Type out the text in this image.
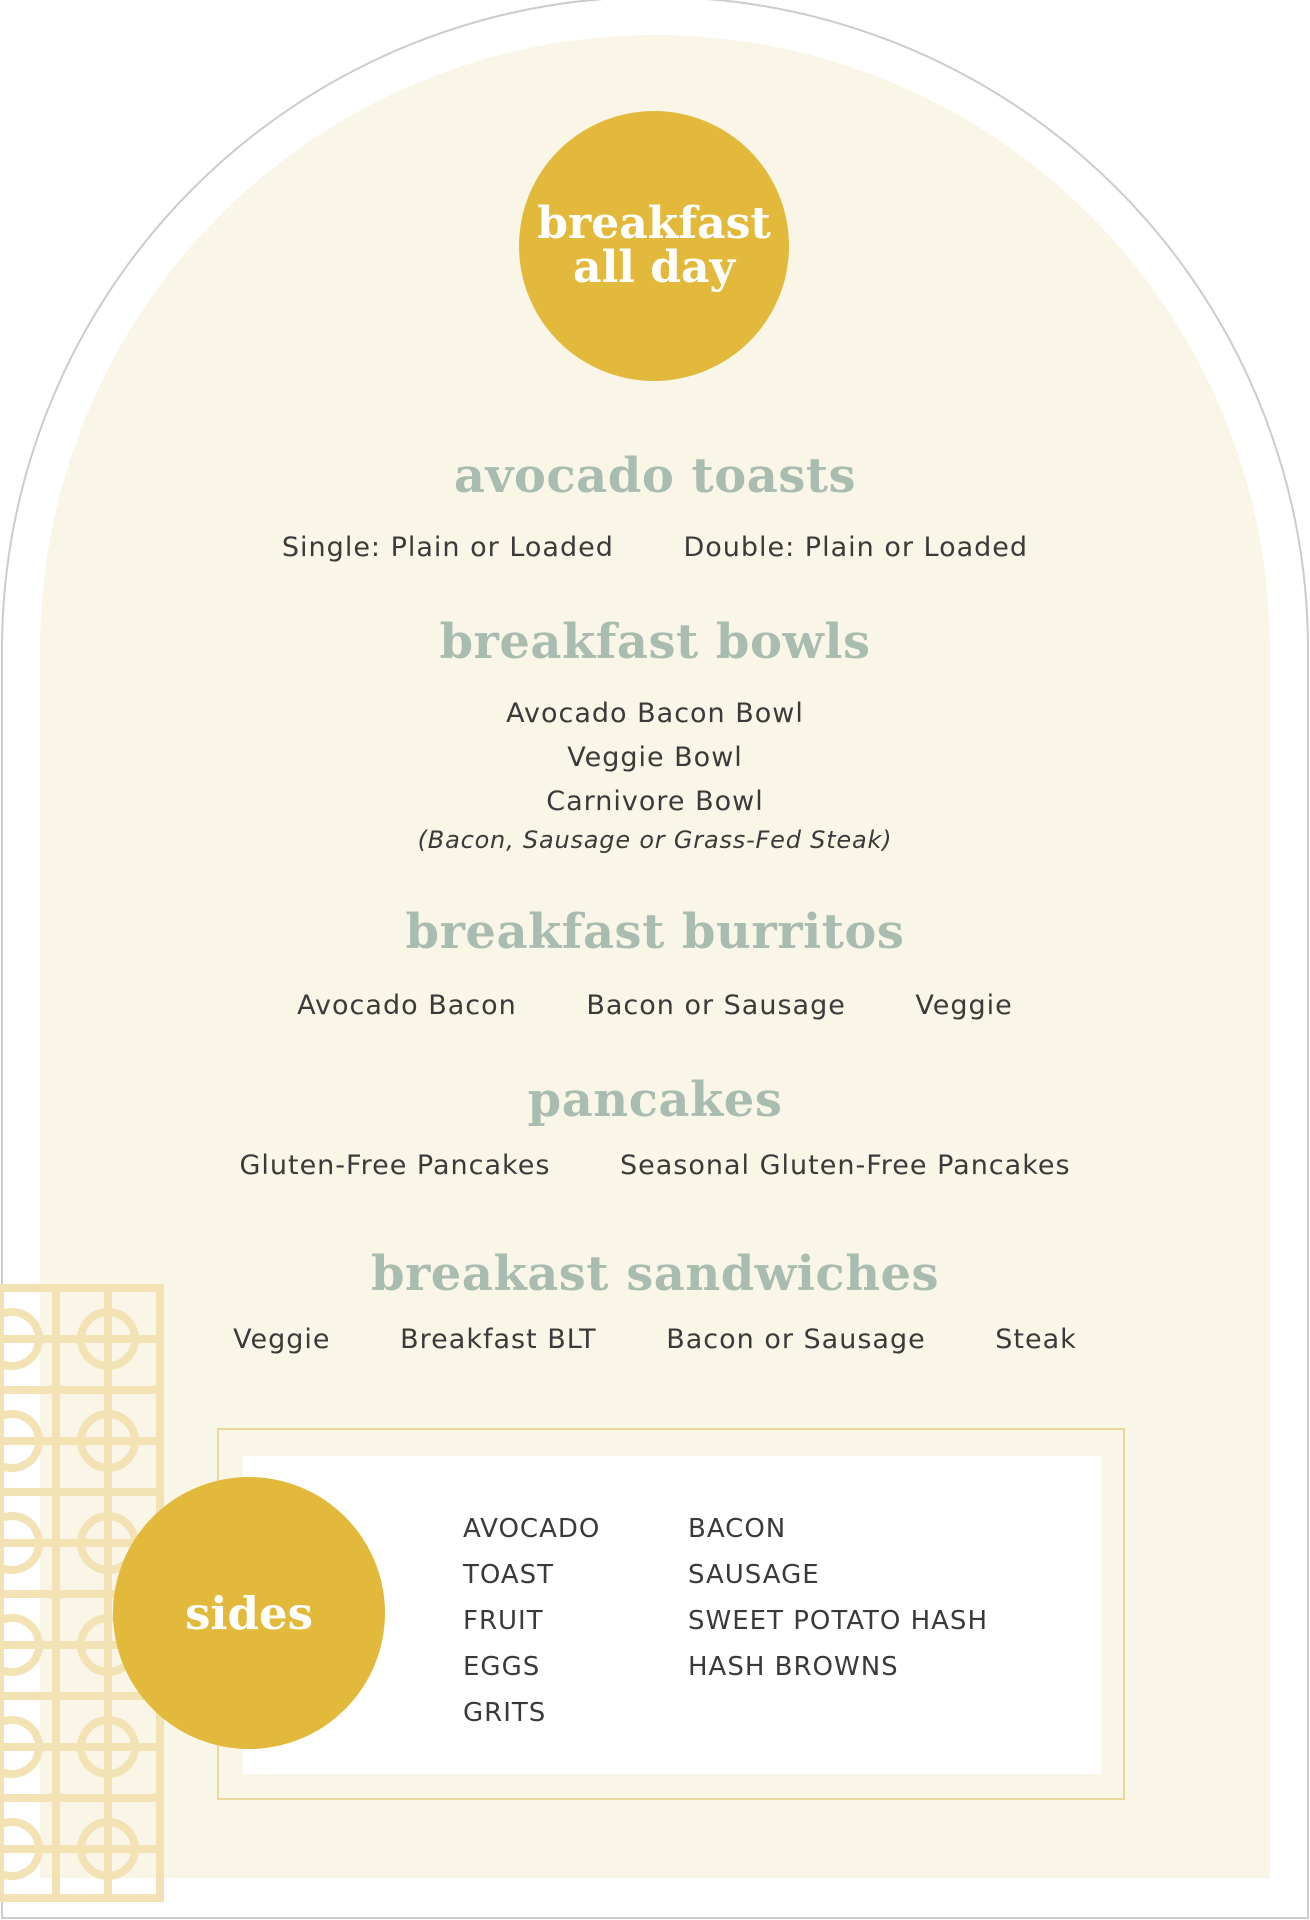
breakfast
all day
avocado toasts
Single: Plain or Loaded	Double: Plain or Loaded
breakfast bowls
Avocado Bacon Bowl
Veggie Bowl
Carnivore Bowl
(Bacon, Sausage or Grass-Fed Steak)
breakfast burritos
Avocado Bacon	Bacon or Sausage	Veggie
pancakes
Gluten-Free Pancakes	Seasonal Gluten-Free Pancakes
breakast sandwiches
Veggie	Breakfast BLT	Bacon or Sausage	Steak
sides
AVOCADO
TOAST
FRUIT
EGGS
GRITS
BACON
SAUSAGE
SWEET POTATO HASH
HASH BROWNS
